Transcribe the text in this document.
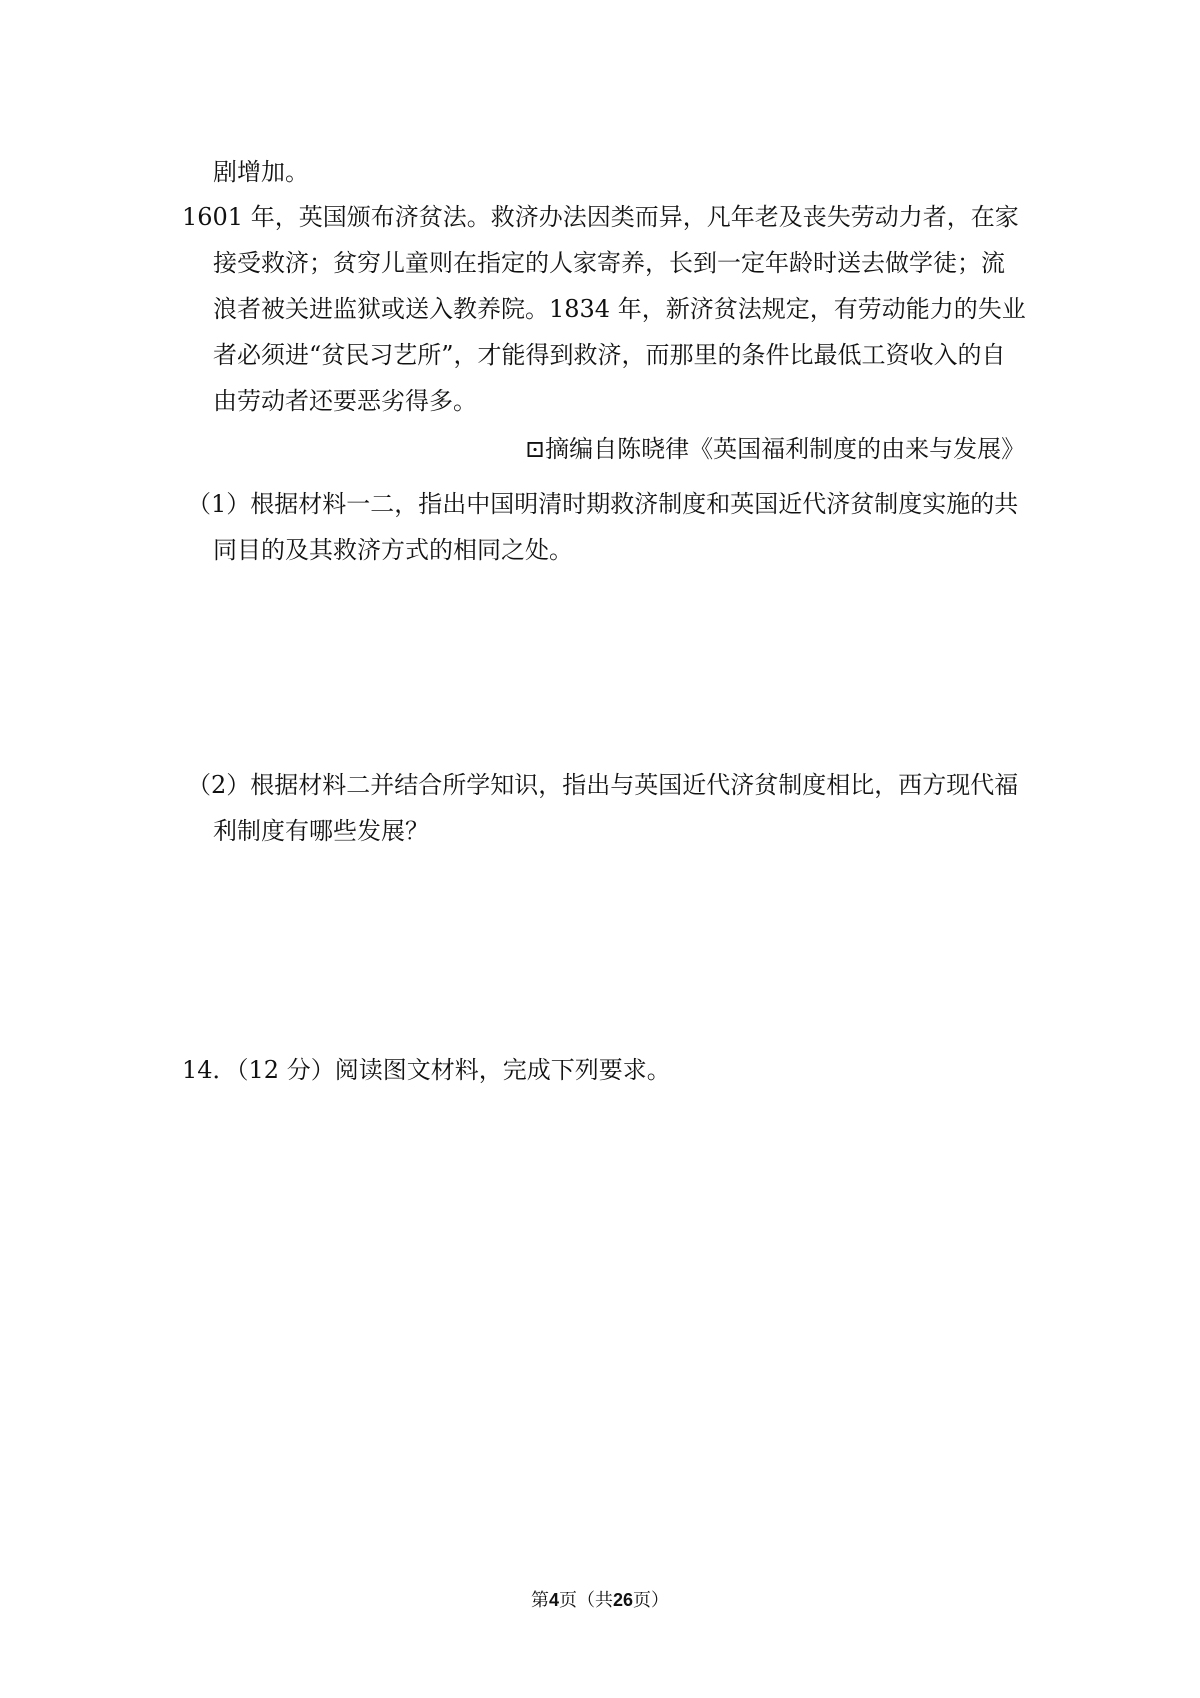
剧增加。
1601 年，英国颁布济贫法。救济办法因类而异，凡年老及丧失劳动力者，在家
接受救济；贫穷儿童则在指定的人家寄养，长到一定年龄时送去做学徒；流
浪者被关进监狱或送入教养院。1834 年，新济贫法规定，有劳动能力的失业
者必须进“贫民习艺所”，才能得到救济，而那里的条件比最低工资收入的自
由劳动者还要恶劣得多。
⊡摘编自陈晓律《英国福利制度的由来与发展》
（1）根据材料一二，指出中国明清时期救济制度和英国近代济贫制度实施的共
同目的及其救济方式的相同之处。
（2）根据材料二并结合所学知识，指出与英国近代济贫制度相比，西方现代福
利制度有哪些发展？
14．（12 分）阅读图文材料，完成下列要求。
第4页（共26页）
